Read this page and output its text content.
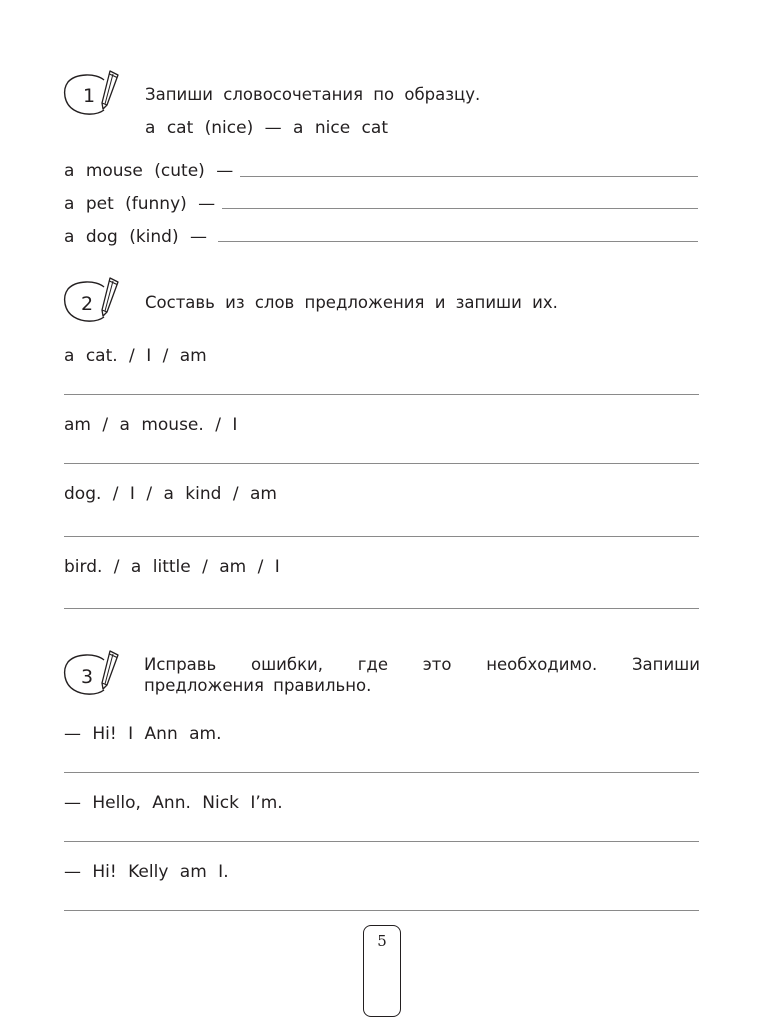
1	Запиши словосочетания по образцу.
a cat (nice) — a nice cat
a mouse (cute) —
a pet (funny) —
a dog (kind) —
2	Составь из слов предложения и запиши их.
a cat. / I / am
am / a mouse. / I
dog. / I / a kind / am
bird. / a little / am / I
3
Исправь ошибки, где это необходимо. Запиши предложения правильно.
— Hi! I Ann am.
— Hello, Ann. Nick I’m.
— Hi! Kelly am I.
5
